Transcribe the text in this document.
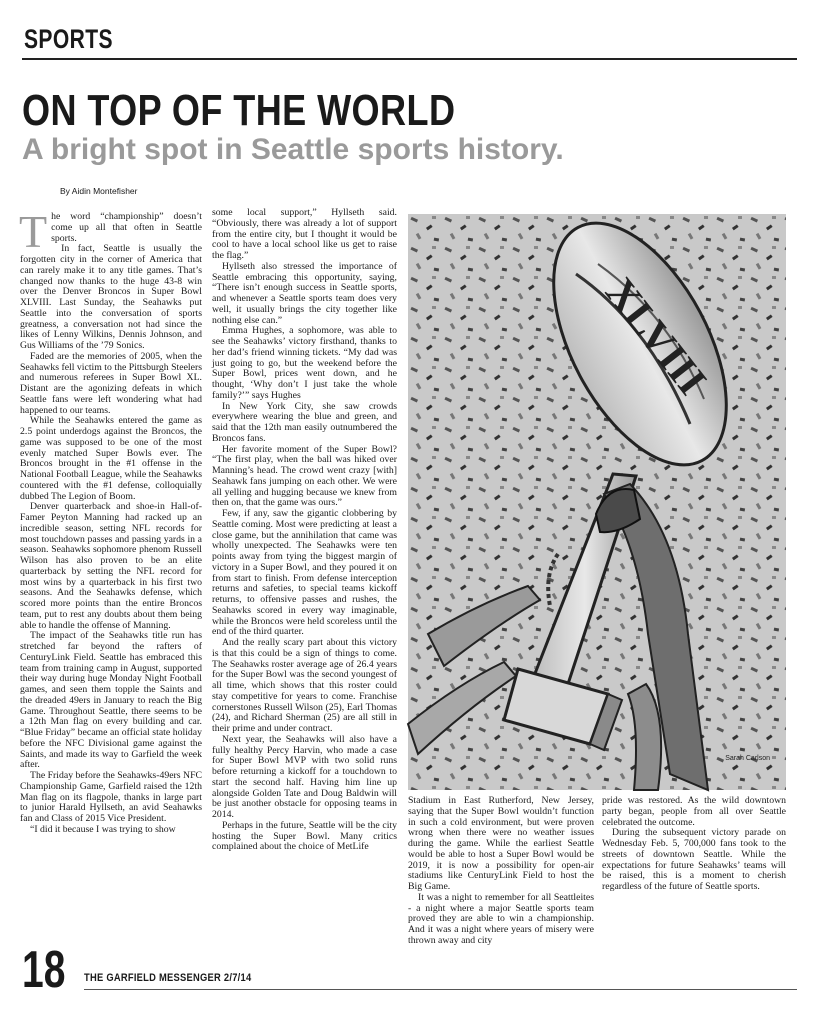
SPORTS
ON TOP OF THE WORLD
A bright spot in Seattle sports history.
By Aidin Montefisher
T he word “championship” doesn’t come up all that often in Seattle sports.

In fact, Seattle is usually the forgotten city in the corner of America that can rarely make it to any title games. That’s changed now thanks to the huge 43-8 win over the Denver Broncos in Super Bowl XLVIII. Last Sunday, the Seahawks put Seattle into the conversation of sports greatness, a conversation not had since the likes of Lenny Wilkins, Dennis Johnson, and Gus Williams of the ’79 Sonics.

Faded are the memories of 2005, when the Seahawks fell victim to the Pittsburgh Steelers and numerous referees in Super Bowl XL. Distant are the agonizing defeats in which Seattle fans were left wondering what had happened to our teams.

While the Seahawks entered the game as 2.5 point underdogs against the Broncos, the game was supposed to be one of the most evenly matched Super Bowls ever. The Broncos brought in the #1 offense in the National Football League, while the Seahawks countered with the #1 defense, colloquially dubbed The Legion of Boom.

Denver quarterback and shoe-in Hall-of-Famer Peyton Manning had racked up an incredible season, setting NFL records for most touchdown passes and passing yards in a season. Seahawks sophomore phenom Russell Wilson has also proven to be an elite quarterback by setting the NFL record for most wins by a quarterback in his first two seasons. And the Seahawks defense, which scored more points than the entire Broncos team, put to rest any doubts about them being able to handle the offense of Manning.

The impact of the Seahawks title run has stretched far beyond the rafters of CenturyLink Field. Seattle has embraced this team from training camp in August, supported their way during huge Monday Night Football games, and seen them topple the Saints and the dreaded 49ers in January to reach the Big Game. Throughout Seattle, there seems to be a 12th Man flag on every building and car. “Blue Friday” became an official state holiday before the NFC Divisional game against the Saints, and made its way to Garfield the week after.

The Friday before the Seahawks-49ers NFC Championship Game, Garfield raised the 12th Man flag on its flagpole, thanks in large part to junior Harald Hyllseth, an avid Seahawks fan and Class of 2015 Vice President.

“I did it because I was trying to show

some local support,” Hyllseth said. “Obviously, there was already a lot of support from the entire city, but I thought it would be cool to have a local school like us get to raise the flag.”

Hyllseth also stressed the importance of Seattle embracing this opportunity, saying, “There isn’t enough success in Seattle sports, and whenever a Seattle sports team does very well, it usually brings the city together like nothing else can.”

Emma Hughes, a sophomore, was able to see the Seahawks’ victory firsthand, thanks to her dad’s friend winning tickets. “My dad was just going to go, but the weekend before the Super Bowl, prices went down, and he thought, ‘Why don’t I just take the whole family?’” says Hughes

In New York City, she saw crowds everywhere wearing the blue and green, and said that the 12th man easily outnumbered the Broncos fans.

Her favorite moment of the Super Bowl? “The first play, when the ball was hiked over Manning’s head. The crowd went crazy [with] Seahawk fans jumping on each other. We were all yelling and hugging because we knew from then on, that the game was ours.”

Few, if any, saw the gigantic clobbering by Seattle coming. Most were predicting at least a close game, but the annihilation that came was wholly unexpected. The Seahawks were ten points away from tying the biggest margin of victory in a Super Bowl, and they poured it on from start to finish. From defense interception returns and safeties, to special teams kickoff returns, to offensive passes and rushes, the Seahawks scored in every way imaginable, while the Broncos were held scoreless until the end of the third quarter.

And the really scary part about this victory is that this could be a sign of things to come. The Seahawks roster average age of 26.4 years for the Super Bowl was the second youngest of all time, which shows that this roster could stay competitive for years to come. Franchise cornerstones Russell Wilson (25), Earl Thomas (24), and Richard Sherman (25) are all still in their prime and under contract.

Next year, the Seahawks will also have a fully healthy Percy Harvin, who made a case for Super Bowl MVP with two solid runs before returning a kickoff for a touchdown to start the second half. Having him line up alongside Golden Tate and Doug Baldwin will be just another obstacle for opposing teams in 2014.

Perhaps in the future, Seattle will be the city hosting the Super Bowl. Many critics complained about the choice of MetLife

XLVIII
Sarah Carlson

Stadium in East Rutherford, New Jersey, saying that the Super Bowl wouldn’t function in such a cold environment, but were proven wrong when there were no weather issues during the game. While the earliest Seattle would be able to host a Super Bowl would be 2019, it is now a possibility for open-air stadiums like CenturyLink Field to host the Big Game.

It was a night to remember for all Seattleites - a night where a major Seattle sports team proved they are able to win a championship. And it was a night where years of misery were thrown away and city

pride was restored. As the wild downtown party began, people from all over Seattle celebrated the outcome.

During the subsequent victory parade on Wednesday Feb. 5, 700,000 fans took to the streets of downtown Seattle. While the expectations for future Seahawks’ teams will be raised, this is a moment to cherish regardless of the future of Seattle sports.

18 THE GARFIELD MESSENGER 2/7/14
